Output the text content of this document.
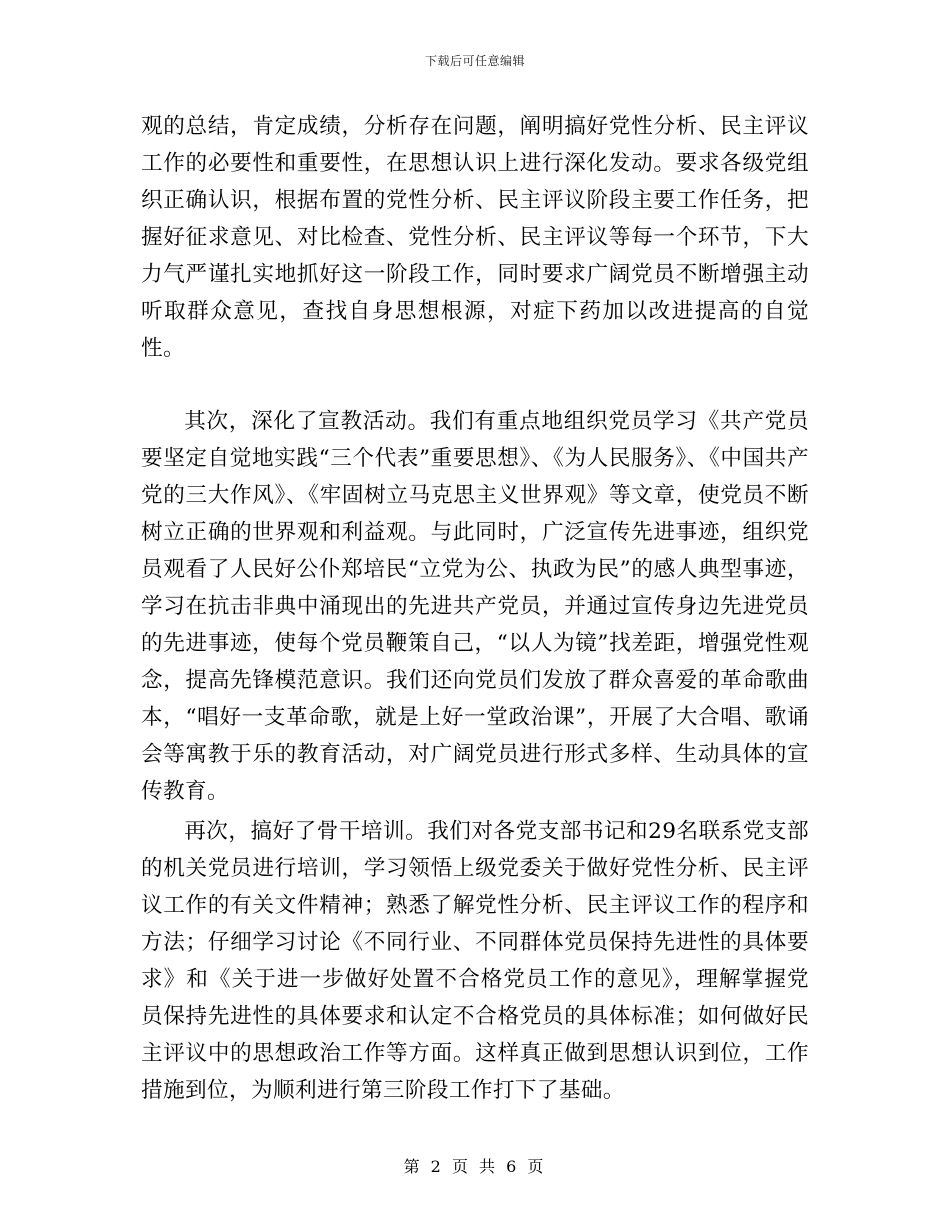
下载后可任意编辑

观的总结，肯定成绩，分析存在问题，阐明搞好党性分析、民主评议工作的必要性和重要性，在思想认识上进行深化发动。要求各级党组织正确认识，根据布置的党性分析、民主评议阶段主要工作任务，把握好征求意见、对比检查、党性分析、民主评议等每一个环节，下大力气严谨扎实地抓好这一阶段工作，同时要求广阔党员不断增强主动听取群众意见，查找自身思想根源，对症下药加以改进提高的自觉性。

其次，深化了宣教活动。我们有重点地组织党员学习《共产党员要坚定自觉地实践“三个代表”重要思想》、《为人民服务》、《中国共产党的三大作风》、《牢固树立马克思主义世界观》等文章，使党员不断树立正确的世界观和利益观。与此同时，广泛宣传先进事迹，组织党员观看了人民好公仆郑培民“立党为公、执政为民”的感人典型事迹，学习在抗击非典中涌现出的先进共产党员，并通过宣传身边先进党员的先进事迹，使每个党员鞭策自己，“以人为镜”找差距，增强党性观念，提高先锋模范意识。我们还向党员们发放了群众喜爱的革命歌曲本，“唱好一支革命歌，就是上好一堂政治课”，开展了大合唱、歌诵会等寓教于乐的教育活动，对广阔党员进行形式多样、生动具体的宣传教育。

再次，搞好了骨干培训。我们对各党支部书记和29名联系党支部的机关党员进行培训，学习领悟上级党委关于做好党性分析、民主评议工作的有关文件精神；熟悉了解党性分析、民主评议工作的程序和方法；仔细学习讨论《不同行业、不同群体党员保持先进性的具体要求》和《关于进一步做好处置不合格党员工作的意见》，理解掌握党员保持先进性的具体要求和认定不合格党员的具体标准；如何做好民主评议中的思想政治工作等方面。这样真正做到思想认识到位，工作措施到位，为顺利进行第三阶段工作打下了基础。

第 2 页 共 6 页
